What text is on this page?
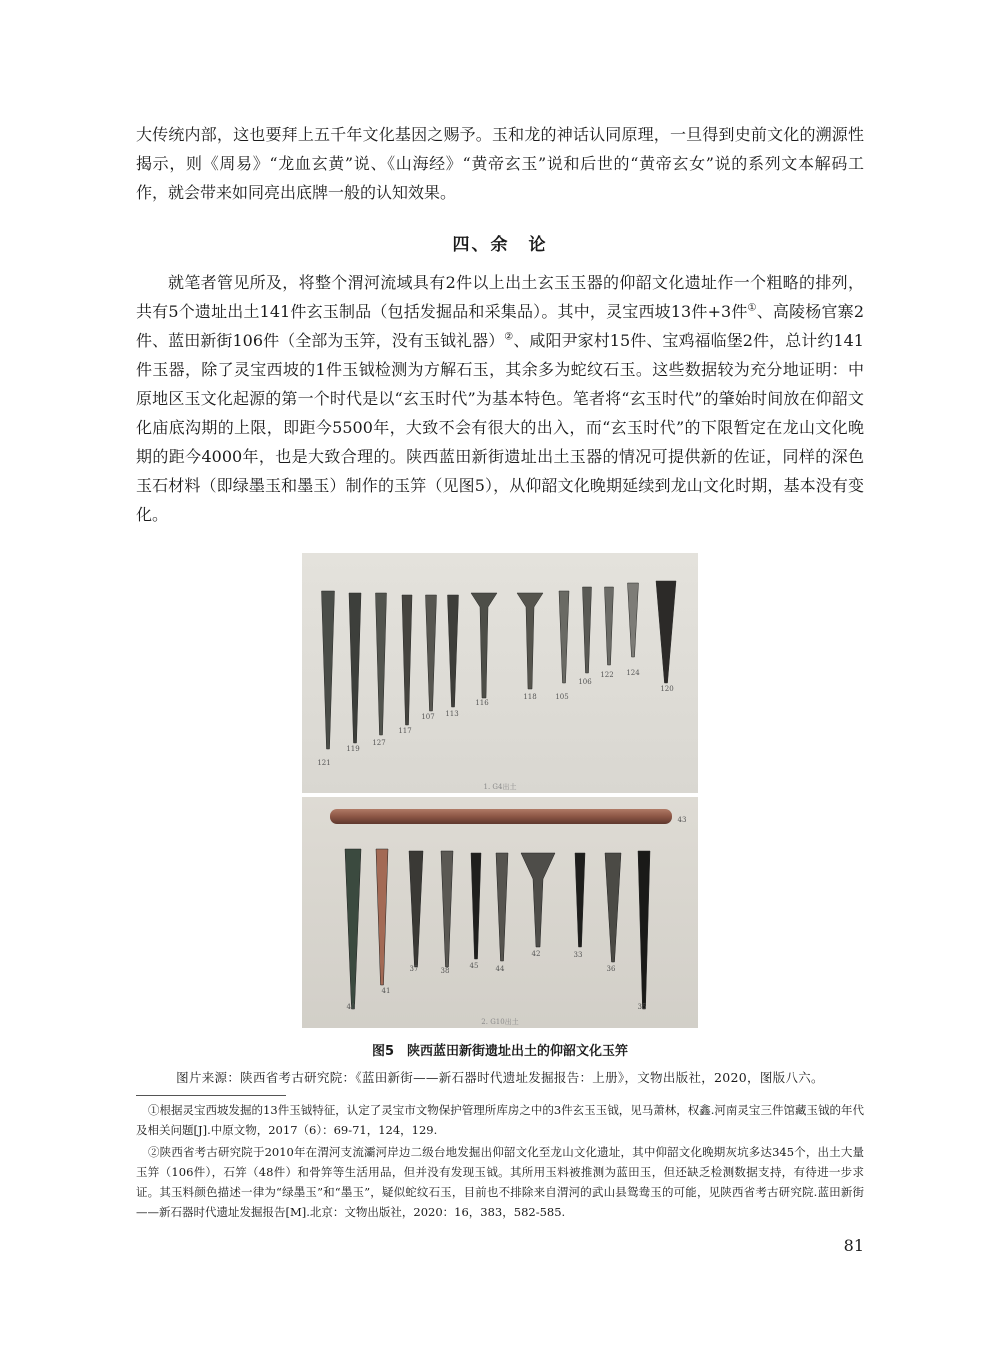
大传统内部，这也要拜上五千年文化基因之赐予。玉和龙的神话认同原理，一旦得到史前文化的溯源性揭示，则《周易》“龙血玄黄”说、《山海经》“黄帝玄玉”说和后世的“黄帝玄女”说的系列文本解码工作，就会带来如同亮出底牌一般的认知效果。

四、余　论

就笔者管见所及，将整个渭河流域具有2件以上出土玄玉玉器的仰韶文化遗址作一个粗略的排列，共有5个遗址出土141件玄玉制品（包括发掘品和采集品）。其中，灵宝西坡13件+3件①、高陵杨官寨2件、蓝田新街106件（全部为玉笄，没有玉钺礼器）②、咸阳尹家村15件、宝鸡福临堡2件，总计约141件玉器，除了灵宝西坡的1件玉钺检测为方解石玉，其余多为蛇纹石玉。这些数据较为充分地证明：中原地区玉文化起源的第一个时代是以“玄玉时代”为基本特色。笔者将“玄玉时代”的肇始时间放在仰韶文化庙底沟期的上限，即距今5500年，大致不会有很大的出入，而“玄玉时代”的下限暂定在龙山文化晚期的距今4000年，也是大致合理的。陕西蓝田新街遗址出土玉器的情况可提供新的佐证，同样的深色玉石材料（即绿墨玉和墨玉）制作的玉笄（见图5），从仰韶文化晚期延续到龙山文化时期，基本没有变化。

121
119
127
117
107 113
116
118	105
106
122 124
120
1. G4出土
43
40
41
37	38
45 44
42	33
36
35
2. G10出土

图5　陕西蓝田新街遗址出土的仰韶文化玉笄

图片来源：陕西省考古研究院：《蓝田新街——新石器时代遗址发掘报告：上册》，文物出版社，2020，图版八六。

①根据灵宝西坡发掘的13件玉钺特征，认定了灵宝市文物保护管理所库房之中的3件玄玉玉钺，见马萧林，权鑫.河南灵宝三件馆藏玉钺的年代及相关问题[J].中原文物，2017（6）：69-71，124，129.

②陕西省考古研究院于2010年在渭河支流灞河岸边二级台地发掘出仰韶文化至龙山文化遗址，其中仰韶文化晚期灰坑多达345个，出土大量玉笄（106件），石笄（48件）和骨笄等生活用品，但并没有发现玉钺。其所用玉料被推测为蓝田玉，但还缺乏检测数据支持，有待进一步求证。其玉料颜色描述一律为“绿墨玉”和“墨玉”，疑似蛇纹石玉，目前也不排除来自渭河的武山县鸳鸯玉的可能，见陕西省考古研究院.蓝田新街——新石器时代遗址发掘报告[M].北京：文物出版社，2020：16，383，582-585.

81
